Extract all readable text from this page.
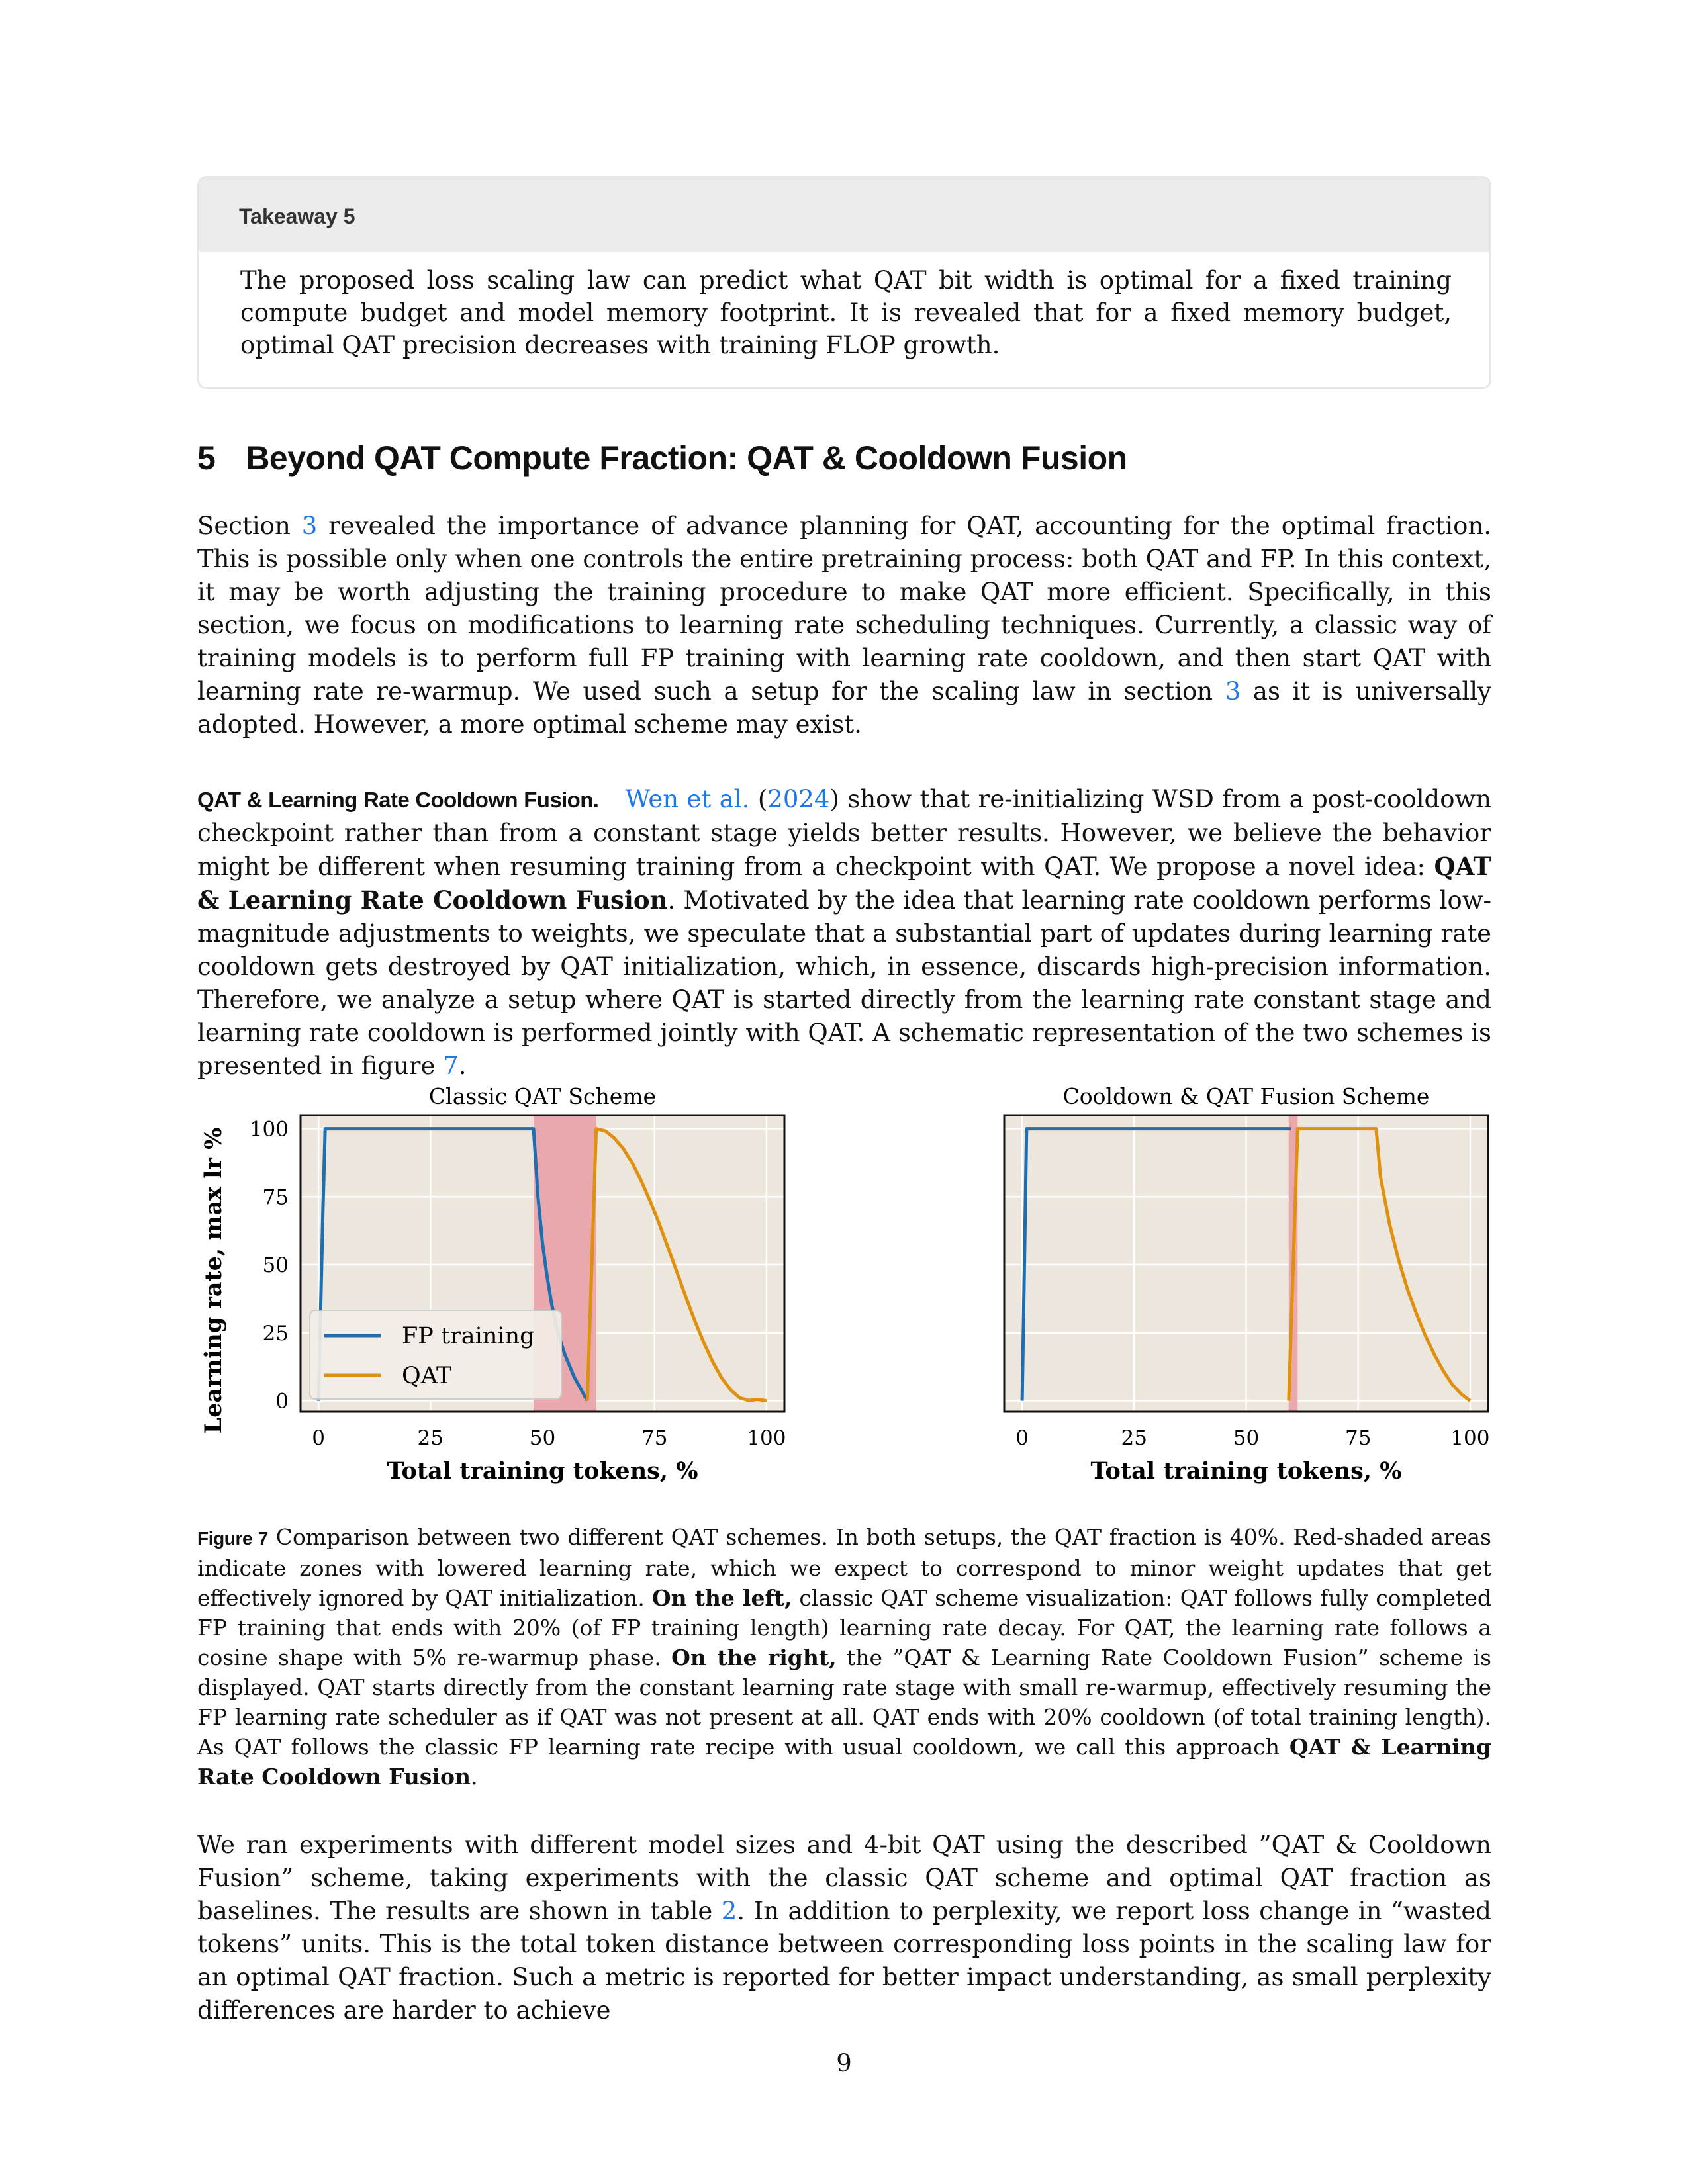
Takeaway 5
The proposed loss scaling law can predict what QAT bit width is optimal for a fixed training compute budget and model memory footprint. It is revealed that for a fixed memory budget, optimal QAT precision decreases with training FLOP growth.
5 Beyond QAT Compute Fraction: QAT & Cooldown Fusion

Section 3 revealed the importance of advance planning for QAT, accounting for the optimal fraction. This is possible only when one controls the entire pretraining process: both QAT and FP. In this context, it may be worth adjusting the training procedure to make QAT more efficient. Specifically, in this section, we focus on modifications to learning rate scheduling techniques. Currently, a classic way of training models is to perform full FP training with learning rate cooldown, and then start QAT with learning rate re-warmup. We used such a setup for the scaling law in section 3 as it is universally adopted. However, a more optimal scheme may exist.

QAT & Learning Rate Cooldown Fusion. Wen et al. (2024) show that re-initializing WSD from a post-cooldown checkpoint rather than from a constant stage yields better results. However, we believe the behavior might be different when resuming training from a checkpoint with QAT. We propose a novel idea: QAT & Learning Rate Cooldown Fusion. Motivated by the idea that learning rate cooldown performs low-magnitude adjustments to weights, we speculate that a substantial part of updates during learning rate cooldown gets destroyed by QAT initialization, which, in essence, discards high-precision information. Therefore, we analyze a setup where QAT is started directly from the learning rate constant stage and learning rate cooldown is performed jointly with QAT. A schematic representation of the two schemes is presented in figure 7.

Learning rate, max lr %
Classic QAT Scheme
0	25	50	75	100
0
25
50
75
100
Total training tokens, %
FP training
QAT
Cooldown & QAT Fusion Scheme
0	25	50	75	100
Total training tokens, %
Figure 7 Comparison between two different QAT schemes. In both setups, the QAT fraction is 40%. Red-shaded areas indicate zones with lowered learning rate, which we expect to correspond to minor weight updates that get effectively ignored by QAT initialization. On the left, classic QAT scheme visualization: QAT follows fully completed FP training that ends with 20% (of FP training length) learning rate decay. For QAT, the learning rate follows a cosine shape with 5% re-warmup phase. On the right, the ”QAT & Learning Rate Cooldown Fusion” scheme is displayed. QAT starts directly from the constant learning rate stage with small re-warmup, effectively resuming the FP learning rate scheduler as if QAT was not present at all. QAT ends with 20% cooldown (of total training length). As QAT follows the classic FP learning rate recipe with usual cooldown, we call this approach QAT & Learning Rate Cooldown Fusion.

We ran experiments with different model sizes and 4-bit QAT using the described ”QAT & Cooldown Fusion” scheme, taking experiments with the classic QAT scheme and optimal QAT fraction as baselines. The results are shown in table 2. In addition to perplexity, we report loss change in “wasted tokens” units. This is the total token distance between corresponding loss points in the scaling law for an optimal QAT fraction. Such a metric is reported for better impact understanding, as small perplexity differences are harder to achieve

9
